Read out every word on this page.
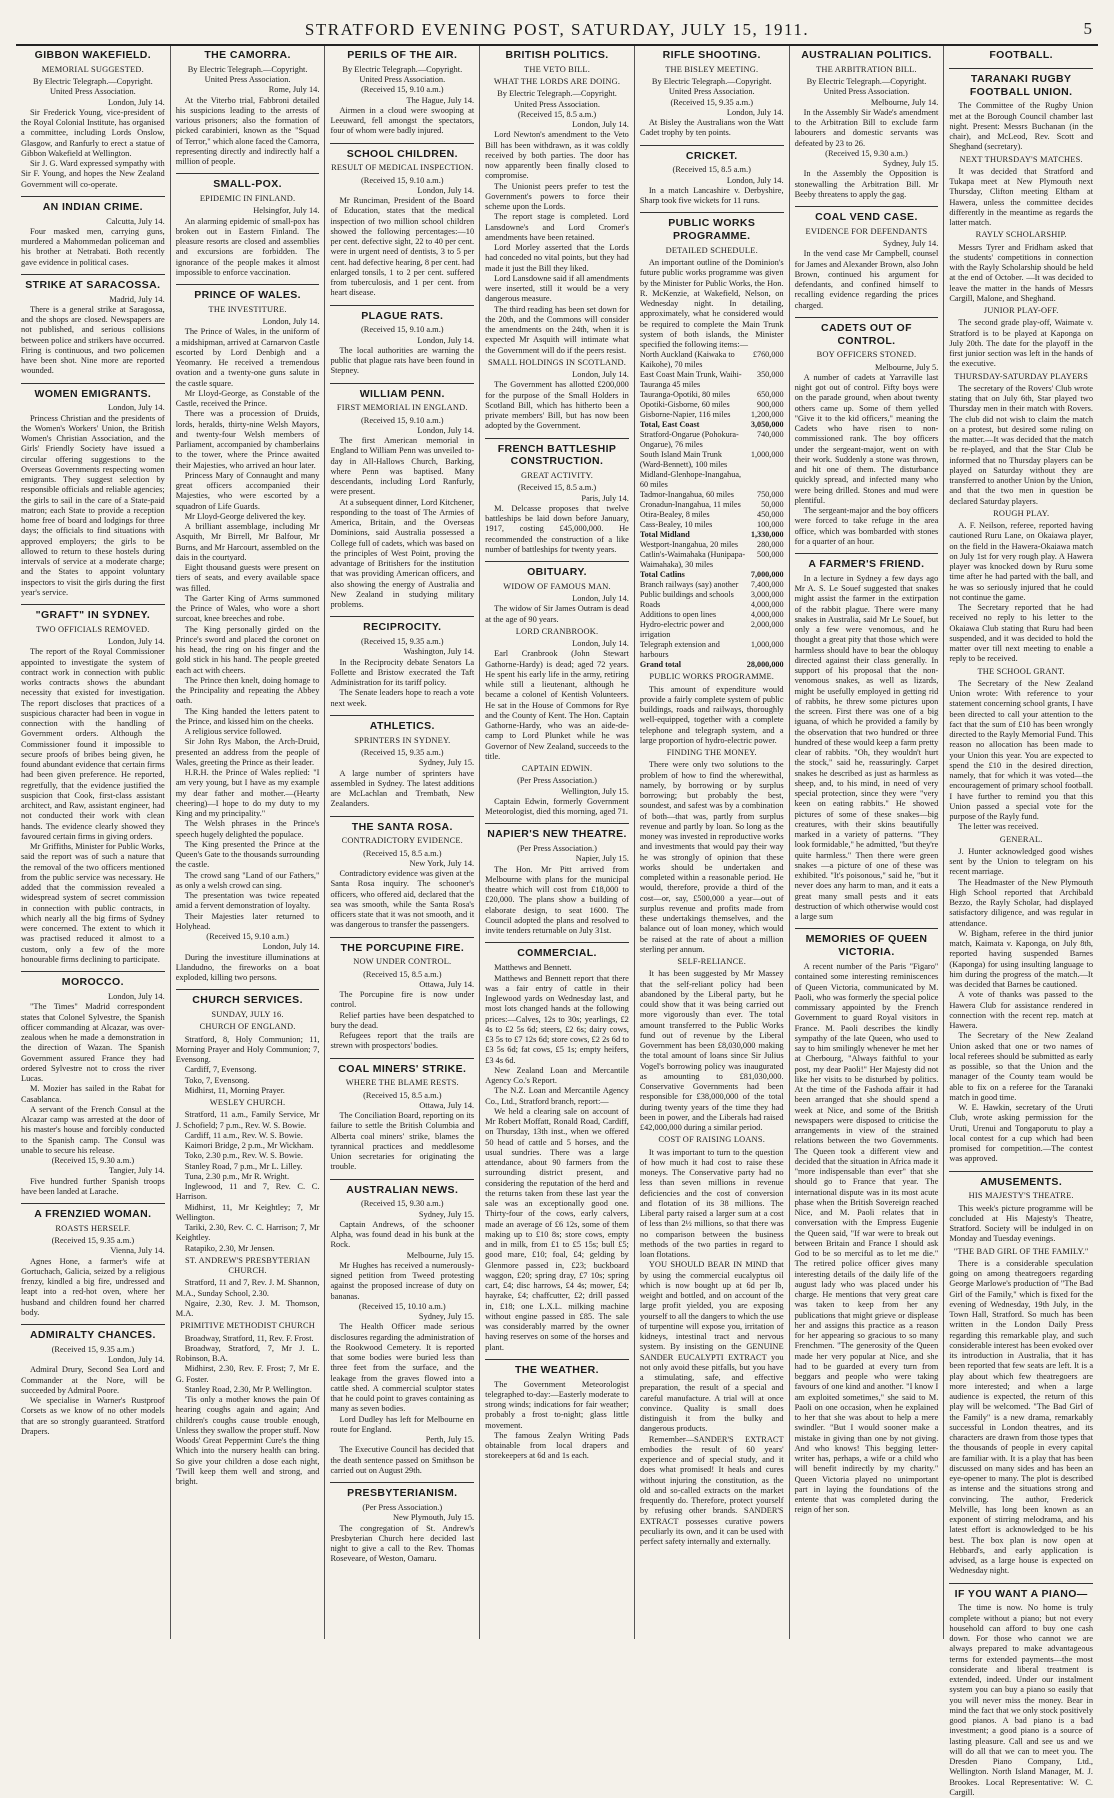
STRATFORD EVENING POST, SATURDAY, JULY 15, 1911.	5
GIBBON WAKEFIELD.
MEMORIAL SUGGESTED.

By Electric Telegraph.—Copyright. United Press Association.

London, July 14.

Sir Frederick Young, vice-president of the Royal Colonial Institute, has organised a committee, including Lords Onslow, Glasgow, and Ranfurly to erect a statue of Gibbon Wakefield at Wellington.

Sir J. G. Ward expressed sympathy with Sir F. Young, and hopes the New Zealand Government will co-operate.

AN INDIAN CRIME.

Calcutta, July 14.

Four masked men, carrying guns, murdered a Mahommedan policeman and his brother at Netrabati. Both recently gave evidence in political cases.

STRIKE AT SARACOSSA.

Madrid, July 14.

There is a general strike at Saragossa, and the shops are closed. Newspapers are not published, and serious collisions between police and strikers have occurred. Firing is continuous, and two policemen have been shot. Nine more are reported wounded.

WOMEN EMIGRANTS.

London, July 14.

Princess Christian and the presidents of the Women's Workers' Union, the British Women's Christian Association, and the Girls' Friendly Society have issued a circular offering suggestions to the Overseas Governments respecting women emigrants. They suggest selection by responsible officials and reliable agencies; the girls to sail in the care of a State-paid matron; each State to provide a reception home free of board and lodgings for three days; the officials to find situations with approved employers; the girls to be allowed to return to these hostels during intervals of service at a moderate charge; and the States to appoint voluntary inspectors to visit the girls during the first year's service.

"GRAFT" IN SYDNEY.
TWO OFFICIALS REMOVED.

London, July 14.

The report of the Royal Commissioner appointed to investigate the system of contract work in connection with public works contracts shows the abundant necessity that existed for investigation. The report discloses that practices of a suspicious character had been in vogue in connection with the handling of Government orders. Although the Commissioner found it impossible to secure proofs of bribes being given, he found abundant evidence that certain firms had been given preference. He reported, regretfully, that the evidence justified the suspicion that Cook, first-class assistant architect, and Raw, assistant engineer, had not conducted their work with clean hands. The evidence clearly showed they favoured certain firms in giving orders.

Mr Griffiths, Minister for Public Works, said the report was of such a nature that the removal of the two officers mentioned from the public service was necessary. He added that the commission revealed a widespread system of secret commission in connection with public contracts, in which nearly all the big firms of Sydney were concerned. The extent to which it was practised reduced it almost to a custom, only a few of the more honourable firms declining to participate.

MOROCCO.

London, July 14.

"The Times" Madrid correspondent states that Colonel Sylvestre, the Spanish officer commanding at Alcazar, was over-zealous when he made a demonstration in the direction of Wazan. The Spanish Government assured France they had ordered Sylvestre not to cross the river Lucas.

M. Mozier has sailed in the Rabat for Casablanca.

A servant of the French Consul at the Alcazar camp was arrested at the door of his master's house and forcibly conducted to the Spanish camp. The Consul was unable to secure his release.

(Received 15, 9.30 a.m.)

Tangier, July 14.

Five hundred further Spanish troops have been landed at Larache.

A FRENZIED WOMAN.
ROASTS HERSELF.

(Received 15, 9.35 a.m.)

Vienna, July 14.

Agnes Hone, a farmer's wife at Gortuchach, Galicia, seized by a religious frenzy, kindled a big fire, undressed and leapt into a red-hot oven, where her husband and children found her charred body.

ADMIRALTY CHANCES.

(Received 15, 9.35 a.m.)

London, July 14.

Admiral Drury, Second Sea Lord and Commander at the Nore, will be succeeded by Admiral Poore.

We specialise in Warner's Rustproof Corsets as we know of no other models that are so strongly guaranteed. Stratford Drapers.

THE CAMORRA.

By Electric Telegraph.—Copyright. United Press Association.

Rome, July 14.

At the Viterbo trial, Fabbroni detailed his suspicions leading to the arrests of various prisoners; also the formation of picked carabinieri, known as the "Squad of Terror," which alone faced the Camorra, representing directly and indirectly half a million of people.

SMALL-POX.
EPIDEMIC IN FINLAND.

Helsingfor, July 14.

An alarming epidemic of small-pox has broken out in Eastern Finland. The pleasure resorts are closed and assemblies and excursions are forbidden. The ignorance of the people makes it almost impossible to enforce vaccination.

PRINCE OF WALES.
THE INVESTITURE.

London, July 14.

The Prince of Wales, in the uniform of a midshipman, arrived at Carnarvon Castle escorted by Lord Denbigh and a Yeomanry. He received a tremendous ovation and a twenty-one guns salute in the castle square.

Mr Lloyd-George, as Constable of the Castle, received the Prince.

There was a procession of Druids, lords, heralds, thirty-nine Welsh Mayors, and twenty-four Welsh members of Parliament, accompanied by chamberlains to the tower, where the Prince awaited their Majesties, who arrived an hour later.

Princess Mary of Connaught and many great officers accompanied their Majesties, who were escorted by a squadron of Life Guards.

Mr Lloyd-George delivered the key.

A brilliant assemblage, including Mr Asquith, Mr Birrell, Mr Balfour, Mr Burns, and Mr Harcourt, assembled on the dais in the courtyard.

Eight thousand guests were present on tiers of seats, and every available space was filled.

The Garter King of Arms summoned the Prince of Wales, who wore a short surcoat, knee breeches and robe.

The King personally girded on the Prince's sword and placed the coronet on his head, the ring on his finger and the gold stick in his hand. The people greeted each act with cheers.

The Prince then knelt, doing homage to the Principality and repeating the Abbey oath.

The King handed the letters patent to the Prince, and kissed him on the cheeks.

A religious service followed.

Sir John Rys Mabon, the Arch-Druid, presented an address from the people of Wales, greeting the Prince as their leader.

H.R.H. the Prince of Wales replied: "I am very young, but I have as my example my dear father and mother.—(Hearty cheering)—I hope to do my duty to my King and my principality."

The Welsh phrases in the Prince's speech hugely delighted the populace.

The King presented the Prince at the Queen's Gate to the thousands surrounding the castle.

The crowd sang "Land of our Fathers," as only a welsh crowd can sing.

The presentation was twice repeated amid a fervent demonstration of loyalty.

Their Majesties later returned to Holyhead.

(Received 15, 9.10 a.m.)

London, July 14.

During the investiture illuminations at Llandudno, the fireworks on a boat exploded, killing two persons.

CHURCH SERVICES.
SUNDAY, JULY 16.

CHURCH OF ENGLAND.

Stratford, 8, Holy Communion; 11, Morning Prayer and Holy Communion; 7, Evensong.

Cardiff, 7, Evensong.

Toko, 7, Evensong.

Midhirst, 11, Morning Prayer.

WESLEY CHURCH.

Stratford, 11 a.m., Family Service, Mr J. Schofield; 7 p.m., Rev. W. S. Bowie.

Cardiff, 11 a.m., Rev. W. S. Bowie.

Kaimori Bridge, 2 p.m., Mr Wickham.

Toko, 2.30 p.m., Rev. W. S. Bowie.

Stanley Road, 7 p.m., Mr L. Lilley.

Tuna, 2.30 p.m., Mr R. Wright.

Inglewood, 11 and 7, Rev. C. C. Harrison.

Midhirst, 11, Mr Keightley; 7, Mr Wellington.

Tariki, 2.30, Rev. C. C. Harrison; 7, Mr Keightley.

Ratapiko, 2.30, Mr Jensen.

ST. ANDREW'S PRESBYTERIAN CHURCH.

Stratford, 11 and 7, Rev. J. M. Shannon, M.A., Sunday School, 2.30.

Ngaire, 2.30, Rev. J. M. Thomson, M.A.

PRIMITIVE METHODIST CHURCH

Broadway, Stratford, 11, Rev. F. Frost.

Broadway, Stratford, 7, Mr J. L. Robinson, B.A.

Midhirst, 2.30, Rev. F. Frost; 7, Mr E. G. Foster.

Stanley Road, 2.30, Mr P. Wellington.

'Tis only a mother knows the pain Of hearing coughs again and again; And children's coughs cause trouble enough, Unless they swallow the proper stuff. Now Woods' Great Peppermint Cure's the thing Which into the nursery health can bring. So give your children a dose each night, 'Twill keep them well and strong, and bright.

PERILS OF THE AIR.

By Electric Telegraph.—Copyright. United Press Association.

(Received 15, 9.10 a.m.)

The Hague, July 14.

Airmen in a cloud were swooping at Leeuward, fell amongst the spectators, four of whom were badly injured.

SCHOOL CHILDREN.
RESULT OF MEDICAL INSPECTION.

(Received 15, 9.10 a.m.)

London, July 14.

Mr Runciman, President of the Board of Education, states that the medical inspection of two million school children showed the following percentages:—10 per cent. defective sight, 22 to 40 per cent. were in urgent need of dentists, 3 to 5 per cent. had defective hearing, 8 per cent. had enlarged tonsils, 1 to 2 per cent. suffered from tuberculosis, and 1 per cent. from heart disease.

PLAGUE RATS.

(Received 15, 9.10 a.m.)

London, July 14.

The local authorities are warning the public that plague rats have been found in Stepney.

WILLIAM PENN.
FIRST MEMORIAL IN ENGLAND.

(Received 15, 9.10 a.m.)

London, July 14.

The first American memorial in England to William Penn was unveiled to-day in All-Hallows Church, Barking, where Penn was baptised. Many descendants, including Lord Ranfurly, were present.

At a subsequent dinner, Lord Kitchener, responding to the toast of The Armies of America, Britain, and the Overseas Dominions, said Australia possessed a College full of cadets, which was based on the principles of West Point, proving the advantage of Britishers for the institution that was providing American officers, and also showing the energy of Australia and New Zealand in studying military problems.

RECIPROCITY.

(Received 15, 9.35 a.m.)

Washington, July 14.

In the Reciprocity debate Senators La Follette and Bristow execrated the Taft Administration for its tariff policy.

The Senate leaders hope to reach a vote next week.

ATHLETICS.
SPRINTERS IN SYDNEY.

(Received 15, 9.35 a.m.)

Sydney, July 15.

A large number of sprinters have assembled in Sydney. The latest additions are McLachlan and Trembath, New Zealanders.

THE SANTA ROSA.
CONTRADICTORY EVIDENCE.

(Received 15, 8.5 a.m.)

New York, July 14.

Contradictory evidence was given at the Santa Rosa inquiry. The schooner's officers, who offered aid, declared that the sea was smooth, while the Santa Rosa's officers state that it was not smooth, and it was dangerous to transfer the passengers.

THE PORCUPINE FIRE.
NOW UNDER CONTROL.

(Received 15, 8.5 a.m.)

Ottawa, July 14.

The Porcupine fire is now under control.

Relief parties have been despatched to bury the dead.

Refugees report that the trails are strewn with prospectors' bodies.

COAL MINERS' STRIKE.
WHERE THE BLAME RESTS.

(Received 15, 8.5 a.m.)

Ottawa, July 14.

The Conciliation Board, reporting on its failure to settle the British Columbia and Alberta coal miners' strike, blames the tyrannical practices and meddlesome Union secretaries for originating the trouble.

AUSTRALIAN NEWS.

(Received 15, 9.30 a.m.)

Sydney, July 15.

Captain Andrews, of the schooner Alpha, was found dead in his bunk at the Rock.

Melbourne, July 15.

Mr Hughes has received a numerously-signed petition from Tweed protesting against the proposed increase of duty on bananas.

(Received 15, 10.10 a.m.)

Sydney, July 15.

The Health Officer made serious disclosures regarding the administration of the Rookwood Cemetery. It is reported that some bodies were buried less than three feet from the surface, and the leakage from the graves flowed into a cattle shed. A commercial sculptor states that he could point to graves containing as many as seven bodies.

Lord Dudley has left for Melbourne en route for England.

Perth, July 15.

The Executive Council has decided that the death sentence passed on Smithson be carried out on August 29th.

PRESBYTERIANISM.

(Per Press Association.)

New Plymouth, July 15.

The congregation of St. Andrew's Presbyterian Church here decided last night to give a call to the Rev. Thomas Roseveare, of Weston, Oamaru.

BRITISH POLITICS.
THE VETO BILL.

WHAT THE LORDS ARE DOING.

By Electric Telegraph.—Copyright. United Press Association.

(Received 15, 8.5 a.m.)

London, July 14.

Lord Newton's amendment to the Veto Bill has been withdrawn, as it was coldly received by both parties. The door has now apparently been finally closed to compromise.

The Unionist peers prefer to test the Government's powers to force their scheme upon the Lords.

The report stage is completed. Lord Lansdowne's and Lord Cromer's amendments have been retained.

Lord Morley asserted that the Lords had conceded no vital points, but they had made it just the Bill they liked.

Lord Lansdowne said if all amendments were inserted, still it would be a very dangerous measure.

The third reading has been set down for the 20th, and the Commons will consider the amendments on the 24th, when it is expected Mr Asquith will intimate what the Government will do if the peers resist.

SMALL HOLDINGS IN SCOTLAND.

London, July 14.

The Government has allotted £200,000 for the purpose of the Small Holders in Scotland Bill, which has hitherto been a private members' Bill, but has now been adopted by the Government.

FRENCH BATTLESHIP CONSTRUCTION.
GREAT ACTIVITY.

(Received 15, 8.5 a.m.)

Paris, July 14.

M. Delcasse proposes that twelve battleships be laid down before January, 1917, costing £45,000,000. He recommended the construction of a like number of battleships for twenty years.

OBITUARY.
WIDOW OF FAMOUS MAN.

London, July 14.

The widow of Sir James Outram is dead at the age of 90 years.

LORD CRANBROOK.

London, July 14.

Earl Cranbrook (John Stewart Gathorne-Hardy) is dead; aged 72 years. He spent his early life in the army, retiring while still a lieutenant, although he became a colonel of Kentish Volunteers. He sat in the House of Commons for Rye and the County of Kent. The Hon. Captain Gathorne-Hardy, who was an aide-de-camp to Lord Plunket while he was Governor of New Zealand, succeeds to the title.

CAPTAIN EDWIN.

(Per Press Association.)

Wellington, July 15.

Captain Edwin, formerly Government Meteorologist, died this morning, aged 71.

NAPIER'S NEW THEATRE.

(Per Press Association.)

Napier, July 15.

The Hon. Mr Pitt arrived from Melbourne with plans for the municipal theatre which will cost from £18,000 to £20,000. The plans show a building of elaborate design, to seat 1600. The Council adopted the plans and resolved to invite tenders returnable on July 31st.

COMMERCIAL.

Matthews and Bennett.

Matthews and Bennett report that there was a fair entry of cattle in their Inglewood yards on Wednesday last, and most lots changed hands at the following prices:—Calves, 12s to 30s; yearlings, £2 4s to £2 5s 6d; steers, £2 6s; dairy cows, £3 5s to £7 12s 6d; store cows, £2 2s 6d to £3 5s 6d; fat cows, £5 1s; empty heifers, £3 4s 6d.

New Zealand Loan and Mercantile Agency Co.'s Report.

The N.Z. Loan and Mercantile Agency Co., Ltd., Stratford branch, report:—

We held a clearing sale on account of Mr Robert Moffatt, Ronald Road, Cardiff, on Thursday, 13th inst., when we offered 50 head of cattle and 5 horses, and the usual sundries. There was a large attendance, about 90 farmers from the surrounding district present, and considering the reputation of the herd and the returns taken from these last year the sale was an exceptionally good one. Thirty-four of the cows, early calvers, made an average of £6 12s, some of them making up to £10 8s; store cows, empty and in milk, from £1 to £5 15s; bull £5; good mare, £10; foal, £4; gelding by Glenmore passed in, £23; buckboard waggon, £20; spring dray, £7 10s; spring cart, £4; disc harrows, £4 4s; mower, £4; hayrake, £4; chaffcutter, £2; drill passed in, £18; one L.X.L. milking machine without engine passed in £85. The sale was considerably marred by the owner having reserves on some of the horses and plant.

THE WEATHER.

The Government Meteorologist telegraphed to-day:—Easterly moderate to strong winds; indications for fair weather; probably a frost to-night; glass little movement.

The famous Zealyn Writing Pads obtainable from local drapers and storekeepers at 6d and 1s each.

RIFLE SHOOTING.
THE BISLEY MEETING.

By Electric Telegraph.—Copyright. United Press Association.

(Received 15, 9.35 a.m.)

London, July 14.

At Bisley the Australians won the Watt Cadet trophy by ten points.

CRICKET.

(Received 15, 8.5 a.m.)

London, July 14.

In a match Lancashire v. Derbyshire, Sharp took five wickets for 11 runs.

PUBLIC WORKS PROGRAMME.
DETAILED SCHEDULE.

An important outline of the Dominion's future public works programme was given by the Minister for Public Works, the Hon. R. McKenzie, at Wakefield, Nelson, on Wednesday night. In detailing, approximately, what he considered would be required to complete the Main Trunk system of both islands, the Minister specified the following items:—

North Auckland (Kaiwaka to Kaikohe), 70 miles	£760,000
East Coast Main Trunk, Waihi-Tauranga 45 miles	350,000
Tauranga-Opotiki, 80 miles	650,000
Opotiki-Gisborne, 60 miles	900,000
Gisborne-Napier, 116 miles	1,200,000
Total, East Coast	3,050,000
Stratford-Ongarue (Pohokura-Ongarue), 76 miles	740,000
South Island Main Trunk (Ward-Bennett), 100 miles	1,000,000
Midland-Glenhope-Inangahua, 60 miles	
Tadmor-Inangahua, 60 miles	750,000
Cronadun-Inangahua, 11 miles	50,000
Otira-Bealey, 8 miles	450,000
Cass-Bealey, 10 miles	100,000
Total Midland	1,330,000
Westport-Inangahua, 20 miles	280,000
Catlin's-Waimahaka (Hunipapa-Waimahaka), 30 miles	500,000
Total Catlins	7,000,000
Branch railways (say) another	7,400,000
Public buildings and schools	3,000,000
Roads	4,000,000
Additions to open lines	4,000,000
Hydro-electric power and irrigation	2,000,000
Telegraph extension and harbours	1,000,000
Grand total	28,000,000

PUBLIC WORKS PROGRAMME.

This amount of expenditure would provide a fairly complete system of public buildings, roads and railways, thoroughly well-equipped, together with a complete telephone and telegraph system, and a large proportion of hydro-electric power.

FINDING THE MONEY.

There were only two solutions to the problem of how to find the wherewithal, namely, by borrowing or by surplus borrowing; but probably the best, soundest, and safest was by a combination of both—that was, partly from surplus revenue and partly by loan. So long as the money was invested in reproductive works and investments that would pay their way he was strongly of opinion that these works should be undertaken and completed within a reasonable period. He would, therefore, provide a third of the cost—or, say, £500,000 a year—out of surplus revenue and profits made from these undertakings themselves, and the balance out of loan money, which would be raised at the rate of about a million sterling per annum.

SELF-RELIANCE.

It has been suggested by Mr Massey that the self-reliant policy had been abandoned by the Liberal party, but he could show that it was being carried out more vigorously than ever. The total amount transferred to the Public Works fund out of revenue by the Liberal Government has been £8,030,000 making the total amount of loans since Sir Julius Vogel's borrowing policy was inaugurated as amounting to £81,030,000. Conservative Governments had been responsible for £38,000,000 of the total during twenty years of the time they had been in power, and the Liberals had raised £42,000,000 during a similar period.

COST OF RAISING LOANS.

It was important to turn to the question of how much it had cost to raise these moneys. The Conservative party had no less than seven millions in revenue deficiencies and the cost of conversion and flotation of its 38 millions. The Liberal party raised a larger sum at a cost of less than 2½ millions, so that there was no comparison between the business methods of the two parties in regard to loan flotations.

YOU SHOULD BEAR IN MIND that by using the commercial eucalyptus oil which is now bought up at 6d per lb, weight and bottled, and on account of the large profit yielded, you are exposing yourself to all the dangers to which the use of turpentine will expose you, irritation of kidneys, intestinal tract and nervous system. By insisting on the GENUINE SANDER EUCALYPTI EXTRACT you not only avoid these pitfalls, but you have a stimulating, safe, and effective preparation, the result of a special and careful manufacture. A trial will at once convince. Quality is small does distinguish it from the bulky and dangerous products.

Remember—SANDER'S EXTRACT embodies the result of 60 years' experience and of special study, and it does what promised! It heals and cures without injuring the constitution, as the old and so-called extracts on the market frequently do. Therefore, protect yourself by refusing other brands. SANDER'S EXTRACT possesses curative powers peculiarly its own, and it can be used with perfect safety internally and externally.

AUSTRALIAN POLITICS.
THE ARBITRATION BILL.

By Electric Telegraph.—Copyright. United Press Association.

Melbourne, July 14.

In the Assembly Sir Wade's amendment to the Arbitration Bill to exclude farm labourers and domestic servants was defeated by 23 to 26.

(Received 15, 9.30 a.m.)

Sydney, July 15.

In the Assembly the Opposition is stonewalling the Arbitration Bill. Mr Beeby threatens to apply the gag.

COAL VEND CASE.
EVIDENCE FOR DEFENDANTS

Sydney, July 14.

In the vend case Mr Campbell, counsel for James and Alexander Brown, also John Brown, continued his argument for defendants, and confined himself to recalling evidence regarding the prices charged.

CADETS OUT OF CONTROL.
BOY OFFICERS STONED.

Melbourne, July 5.

A number of cadets at Yarraville last night got out of control. Fifty boys were on the parade ground, when about twenty others came up. Some of them yelled "Give it to the kid officers," meaning the Cadets who have risen to non-commissioned rank. The boy officers under the sergeant-major, went on with their work. Suddenly a stone was thrown, and hit one of them. The disturbance quickly spread, and infected many who were being drilled. Stones and mud were plentiful.

The sergeant-major and the boy officers were forced to take refuge in the area office, which was bombarded with stones for a quarter of an hour.

A FARMER'S FRIEND.

In a lecture in Sydney a few days ago Mr A. S. Le Souef suggested that snakes might assist the farmer in the extirpation of the rabbit plague. There were many snakes in Australia, said Mr Le Souef, but only a few were venomous, and he thought a great pity that those which were harmless should have to bear the obloquy directed against their class generally. In support of his proposal that the non-venomous snakes, as well as lizards, might be usefully employed in getting rid of rabbits, he threw some pictures upon the screen. First there was one of a big iguana, of which he provided a family by the observation that two hundred or three hundred of these would keep a farm pretty clear of rabbits. "Oh, they wouldn't hurt the stock," said he, reassuringly. Carpet snakes he described as just as harmless as sheep, and, to his mind, in need of very special protection, since they were "very keen on eating rabbits." He showed pictures of some of these snakes—big creatures, with their skins beautifully marked in a variety of patterns. "They look formidable," he admitted, "but they're quite harmless." Then there were green snakes —a picture of one of these was exhibited. "It's poisonous," said he, "but it never does any harm to man, and it eats a great many small pests and it eats destruction of which otherwise would cost a large sum

MEMORIES OF QUEEN VICTORIA.

A recent number of the Paris "Figaro" contained some interesting reminiscences of Queen Victoria, communicated by M. Paoli, who was formerly the special police commissary appointed by the French Government to guard Royal visitors in France. M. Paoli describes the kindly sympathy of the late Queen, who used to say to him smilingly whenever he met her at Cherbourg, "Always faithful to your post, my dear Paoli!" Her Majesty did not like her visits to be disturbed by politics. At the time of the Fashoda affair it had been arranged that she should spend a week at Nice, and some of the British newspapers were disposed to criticise the arrangements in view of the strained relations between the two Governments. The Queen took a different view and decided that the situation in Africa made it "more indispensable than ever" that she should go to France that year. The international dispute was in its most acute phase when the British Sovereign reached Nice, and M. Paoli relates that in conversation with the Empress Eugenie the Queen said, "If war were to break out between Britain and France I should ask God to be so merciful as to let me die." The retired police officer gives many interesting details of the daily life of the august lady who was placed under his charge. He mentions that very great care was taken to keep from her any publications that might grieve or displease her and assigns this practice as a reason for her appearing so gracious to so many Frenchmen. "The generosity of the Queen made her very popular at Nice, and she had to be guarded at every turn from beggars and people who were taking favours of one kind and another. "I know I am exploited sometimes," she said to M. Paoli on one occasion, when he explained to her that she was about to help a mere swindler. "But I would sooner make a mistake in giving than one by not giving. And who knows! This begging letter-writer has, perhaps, a wife or a child who will benefit indirectly by my charity." Queen Victoria played no unimportant part in laying the foundations of the entente that was completed during the reign of her son.

FOOTBALL.
TARANAKI RUGBY FOOTBALL UNION.

The Committee of the Rugby Union met at the Borough Council chamber last night. Present: Messrs Buchanan (in the chair), and McLeod, Rev. Scott and Sheghand (secretary).

NEXT THURSDAY'S MATCHES.

It was decided that Stratford and Tukapa meet at New Plymouth next Thursday, Clifton meeting Eltham at Hawera, unless the committee decides differently in the meantime as regards the latter match.

RAYLY SCHOLARSHIP.

Messrs Tyrer and Fridham asked that the students' competitions in connection with the Rayly Scholarship should be held at the end of October. —It was decided to leave the matter in the hands of Messrs Cargill, Malone, and Sheghand.

JUNIOR PLAY-OFF.

The second grade play-off, Waimate v. Stratford is to be played at Kaponga on July 20th. The date for the playoff in the first junior section was left in the hands of the executive.

THURSDAY-SATURDAY PLAYERS

The secretary of the Rovers' Club wrote stating that on July 6th, Star played two Thursday men in their match with Rovers. The club did not wish to claim the match on a protest, but desired some ruling on the matter.—It was decided that the match be re-played, and that the Star Club be informed that no Thursday players can be played on Saturday without they are transferred to another Union by the Union, and that the two men in question be declared Saturday players.

ROUGH PLAY.

A. F. Neilson, referee, reported having cautioned Ruru Lane, on Okaiawa player, on the field in the Hawera-Okaiawa match on July 1st for very rough play. A Hawera player was knocked down by Ruru some time after he had parted with the ball, and he was so seriously injured that he could not continue the game.

The Secretary reported that he had received no reply to his letter to the Okaiawa Club stating that Ruru had been suspended, and it was decided to hold the matter over till next meeting to enable a reply to be received.

THE SCHOOL GRANT.

The Secretary of the New Zealand Union wrote: With reference to your statement concerning school grants, I have been directed to call your attention to the fact that the sum of £10 has been wrongly directed to the Rayly Memorial Fund. This reason no allocation has been made to your Union this year. You are expected to spend the £10 in the desired direction, namely, that for which it was voted—the encouragement of primary school football. I have further to remind you that this Union passed a special vote for the purpose of the Rayly fund.

The letter was received.

GENERAL.

J. Hunter acknowledged good wishes sent by the Union to telegram on his recent marriage.

The Headmaster of the New Plymouth High School reported that Archibald Bezzo, the Rayly Scholar, had displayed satisfactory diligence, and was regular in attendance.

W. Bigham, referee in the third junior match, Kaimata v. Kaponga, on July 8th, reported having suspended Barnes (Kaponga) for using insulting language to him during the progress of the match.—It was decided that Barnes be cautioned.

A vote of thanks was passed to the Hawera Club for assistance rendered in connection with the recent rep. match at Hawera.

The Secretary of the New Zealand Union asked that one or two names of local referees should be submitted as early as possible, so that the Union and the manager of the County team would be able to fix on a referee for the Taranaki match in good time.

W. E. Hawkin, secretary of the Uruti Club, wrote asking permission for the Uruti, Urenui and Tongaporutu to play a local contest for a cup which had been promised for competition.—The contest was approved.

AMUSEMENTS.
HIS MAJESTY'S THEATRE.

This week's picture programme will be concluded at His Majesty's Theatre, Stratford. Society will be indulged in on Monday and Tuesday evenings.

"THE BAD GIRL OF THE FAMILY."

There is a considerable speculation going on among theatregoers regarding George Marlowe's production of "The Bad Girl of the Family," which is fixed for the evening of Wednesday, 19th July, in the Town Hall, Stratford. So much has been written in the London Daily Press regarding this remarkable play, and such considerable interest has been evoked over its introduction in Australia, that it has been reported that few seats are left. It is a play about which few theatregoers are more interested; and when a large audience is expected, the return of this play will be welcomed. "The Bad Girl of the Family" is a new drama, remarkably successful in London theatres, and its characters are drawn from those types that the thousands of people in every capital are familiar with. It is a play that has been discussed on many sides and has been an eye-opener to many. The plot is described as intense and the situations strong and convincing. The author, Frederick Melville, has long been known as an exponent of stirring melodrama, and his latest effort is acknowledged to be his best. The box plan is now open at Hebbard's, and early application is advised, as a large house is expected on Wednesday night.

IF YOU WANT A PIANO—

The time is now. No home is truly complete without a piano; but not every household can afford to buy one cash down. For those who cannot we are always prepared to make advantageous terms for extended payments—the most considerate and liberal treatment is extended, indeed. Under our instalment system you can buy a piano so easily that you will never miss the money. Bear in mind the fact that we only stock positively good pianos. A bad piano is a bad investment; a good piano is a source of lasting pleasure. Call and see us and we will do all that we can to meet you. The Dresden Piano Company, Ltd., Wellington. North Island Manager, M. J. Brookes. Local Representative: W. C. Cargill.
